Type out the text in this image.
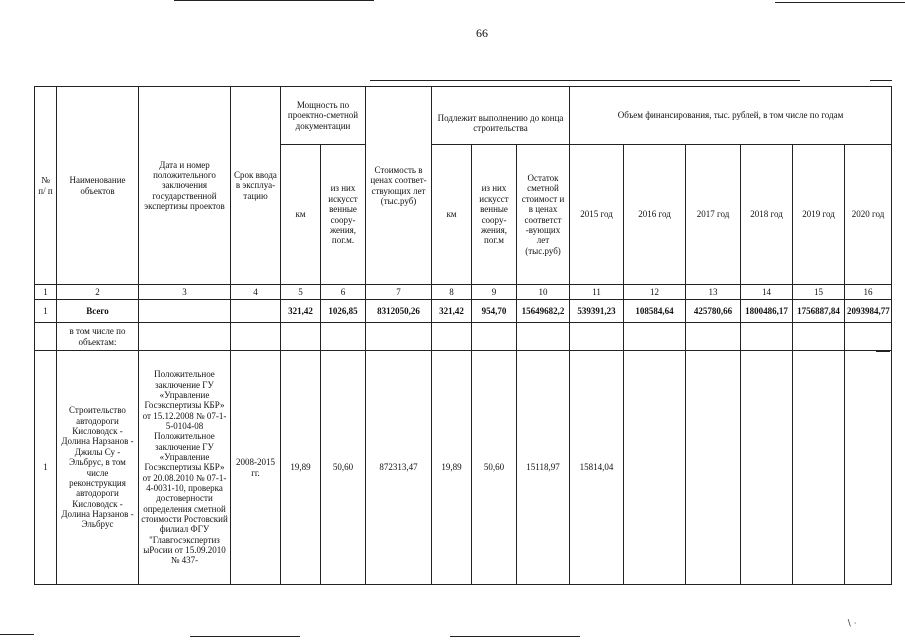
66
∖ ∙
№ п/ п	Наименование объектов	Дата и номер положительного заключения государственной экспертизы проектов	Срок ввода в эксплуа-тацию	Мощность по проектно-сметной документации		Стоимость в ценах соответ-ствующих лет (тыс.руб)	Подлежит выполнению до конца строительства			Объем финансирования, тыс. рублей, в том числе по годам					
				км	из них искусст венные соору-жения, пог.м.		км	из них искусст венные соору-жения, пог.м	Остаток сметной стоимост и в ценах соответст -вующих лет (тыс.руб)	2015 год	2016 год	2017 год	2018 год	2019 год	2020 год
1	2	3	4	5	6	7	8	9	10	11	12	13	14	15	16
1	Всего			321,42	1026,85	8312050,26	321,42	954,70	15649682,2	539391,23	108584,64	425780,66	1800486,17	1756887,84	2093984,77
	в том числе по объектам:														
1	Строительство автодороги Кисловодск - Долина Нарзанов - Джилы Су - Эльбрус, в том числе реконструкция автодороги Кисловодск - Долина Нарзанов - Эльбрус	Положительное заключение ГУ «Управление Госэкспертизы КБР» от 15.12.2008 № 07-1-5-0104-08 Положительное заключение ГУ «Управление Госэкспертизы КБР» от 20.08.2010 № 07-1-4-0031-10, проверка достоверности определения сметной стоимости Ростовский филиал ФГУ "Главгосэкспертиз ыРосии от 15.09.2010 № 437-	2008-2015 гг.	19,89	50,60	872313,47	19,89	50,60	15118,97	15814,04					
